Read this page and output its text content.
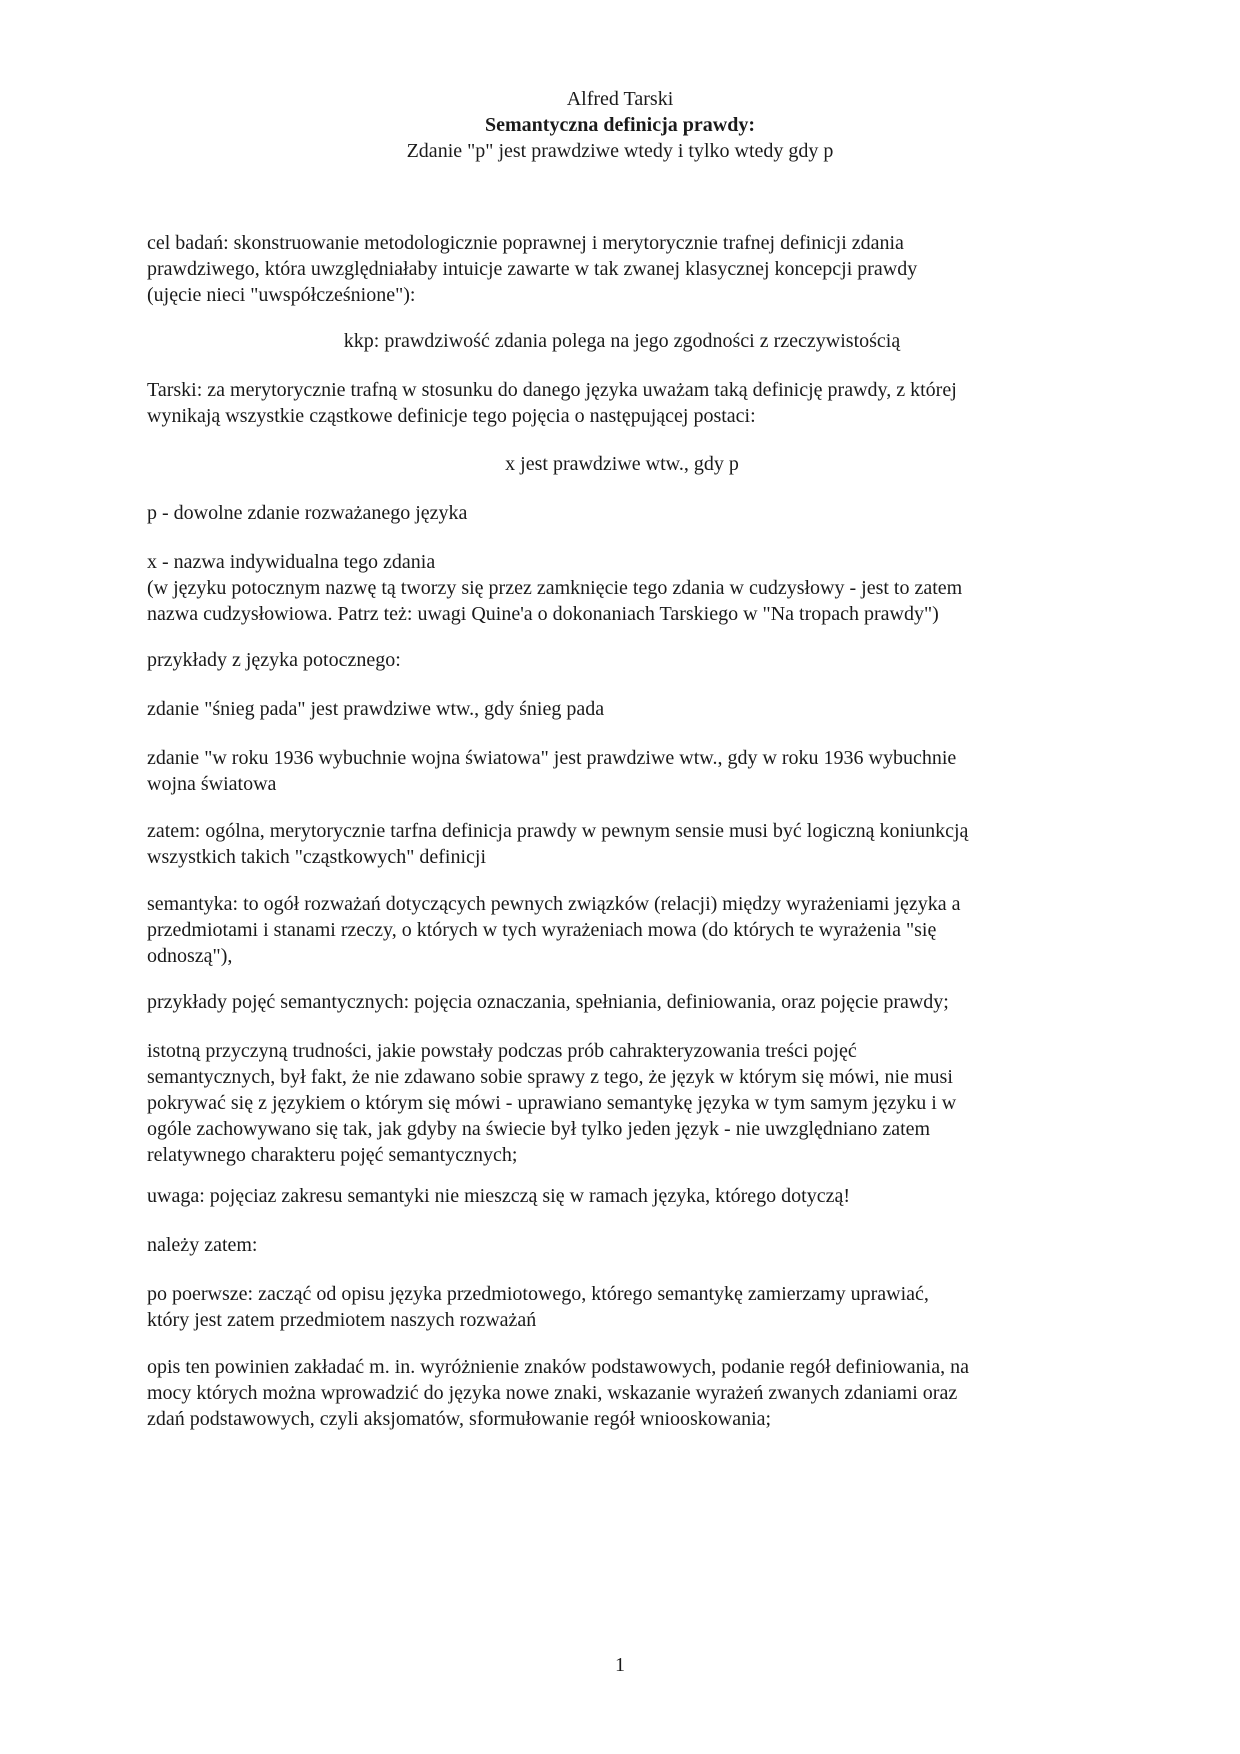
Alfred Tarski
Semantyczna definicja prawdy:
Zdanie "p" jest prawdziwe wtedy i tylko wtedy gdy p

cel badań: skonstruowanie metodologicznie poprawnej i merytorycznie trafnej definicji zdania

prawdziwego, która uwzględniałaby intuicje zawarte w tak zwanej klasycznej koncepcji prawdy

(ujęcie nieci "uwspółcześnione"):

kkp: prawdziwość zdania polega na jego zgodności z rzeczywistością

Tarski: za merytorycznie trafną w stosunku do danego języka uważam taką definicję prawdy, z której

wynikają wszystkie cząstkowe definicje tego pojęcia o następującej postaci:

x jest prawdziwe wtw., gdy p

p - dowolne zdanie rozważanego języka

x - nazwa indywidualna tego zdania

(w języku potocznym nazwę tą tworzy się przez zamknięcie tego zdania w cudzysłowy - jest to zatem

nazwa cudzysłowiowa. Patrz też: uwagi Quine'a o dokonaniach Tarskiego w "Na tropach prawdy")

przykłady z języka potocznego:

zdanie "śnieg pada" jest prawdziwe wtw., gdy śnieg pada

zdanie "w roku 1936 wybuchnie wojna światowa" jest prawdziwe wtw., gdy w roku 1936 wybuchnie

wojna światowa

zatem: ogólna, merytorycznie tarfna definicja prawdy w pewnym sensie musi być logiczną koniunkcją

wszystkich takich "cząstkowych" definicji

semantyka: to ogół rozważań dotyczących pewnych związków (relacji) między wyrażeniami języka a

przedmiotami i stanami rzeczy, o których w tych wyrażeniach mowa (do których te wyrażenia "się

odnoszą"),

przykłady pojęć semantycznych: pojęcia oznaczania, spełniania, definiowania, oraz pojęcie prawdy;

istotną przyczyną trudności, jakie powstały podczas prób cahrakteryzowania treści pojęć

semantycznych, był fakt, że nie zdawano sobie sprawy z tego, że język w którym się mówi, nie musi

pokrywać się z językiem o którym się mówi - uprawiano semantykę języka w tym samym języku i w

ogóle zachowywano się tak, jak gdyby na świecie był tylko jeden język - nie uwzględniano zatem

relatywnego charakteru pojęć semantycznych;

uwaga: pojęciaz zakresu semantyki nie mieszczą się w ramach języka, którego dotyczą!

należy zatem:

po poerwsze: zacząć od opisu języka przedmiotowego, którego semantykę zamierzamy uprawiać,

który jest zatem przedmiotem naszych rozważań

opis ten powinien zakładać m. in. wyróżnienie znaków podstawowych, podanie regół definiowania, na

mocy których można wprowadzić do języka nowe znaki, wskazanie wyrażeń zwanych zdaniami oraz

zdań podstawowych, czyli aksjomatów, sformułowanie regół wniooskowania;

1
